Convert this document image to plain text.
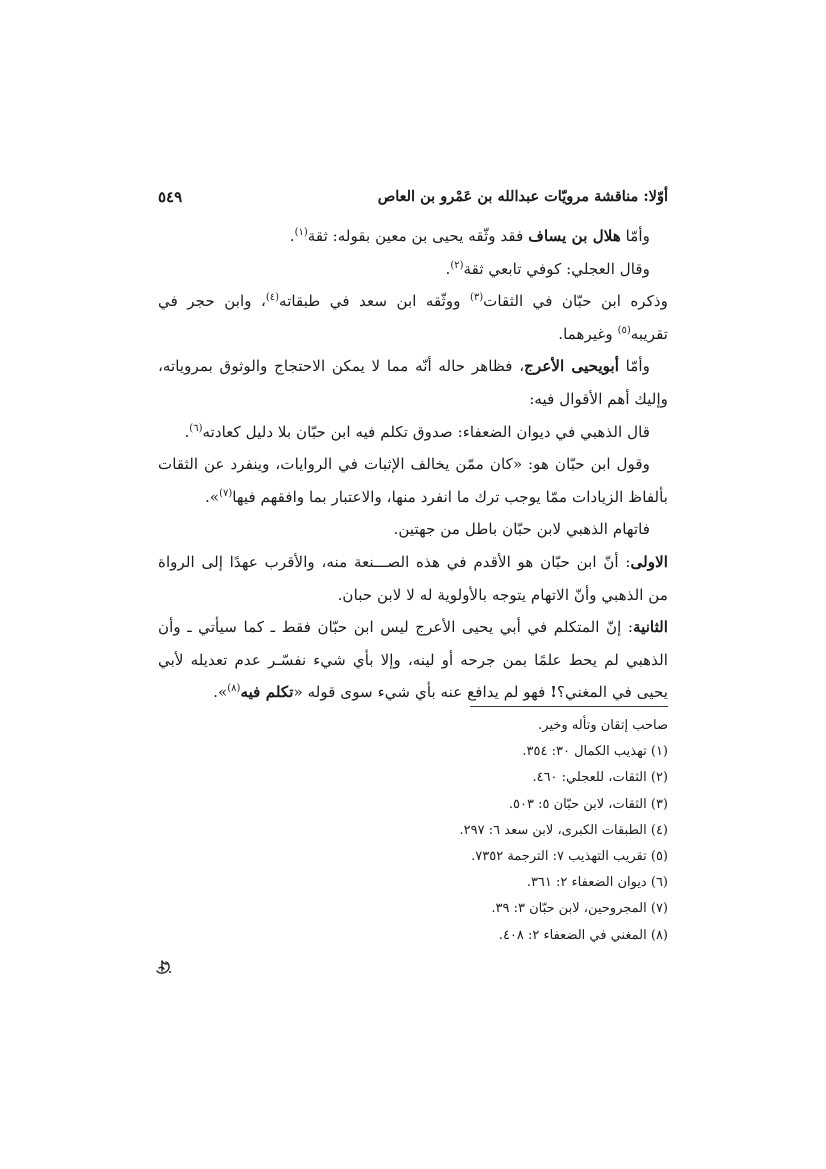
أوّلا: مناقشة مرويّات عبدالله بن عَمْرو بن العاص
٥٤٩

وأمّا هلال بن يساف فقد وثّقه يحيى بن معين بقوله: ثقة$^{(١)}$.

وقال العجلي: كوفي تابعي ثقة$^{(٢)}$.

وذكره ابن حبّان في الثقات$^{(٣)}$ ووثّقه ابن سعد في طبقاته$^{(٤)}$، وابن حجر في تقريبه$^{(٥)}$ وغيرهما.

وأمّا أبويحيى الأعرج، فظاهر حاله أنّه مما لا يمكن الاحتجاج والوثوق بمروياته، وإليك أهم الأقوال فيه:

قال الذهبي في ديوان الضعفاء: صدوق تكلم فيه ابن حبّان بلا دليل كعادته$^{(٦)}$.

وقول ابن حبّان هو: «كان ممّن يخالف الإثبات في الروايات، وينفرد عن الثقات بألفاظ الزيادات ممّا يوجب ترك ما انفرد منها، والاعتبار بما وافقهم فيها$^{(٧)}$».

فاتهام الذهبي لابن حبّان باطل من جهتين.

الاولى: أنّ ابن حبّان هو الأقدم في هذه الصـــنعة منه، والأقرب عهدًا إلى الرواة من الذهبي وأنّ الاتهام يتوجه بالأولوية له لا لابن حبان.

الثانية: إنّ المتكلم في أبي يحيى الأعرج ليس ابن حبّان فقط ـ كما سيأتي ـ وأن الذهبي لم يحط علمًا بمن جرحه أو لينه، وإلا بأي شيء نفسّـر عدم تعديله لأبي يحيى في المغني؟! فهو لم يدافع عنه بأي شيء سوى قوله «تكلم فيه$^{(٨)}$».

صاحب إتقان وتأله وخير.
(١) تهذيب الكمال ٣٠: ٣٥٤.
(٢) الثقات، للعجلي: ٤٦٠.
(٣) الثقات، لابن حبّان ٥: ٥٠٣.
(٤) الطبقات الكبرى، لابن سعد ٦: ٢٩٧.
(٥) تقريب التهذيب ٧: الترجمة ٧٣٥٢.
(٦) ديوان الضعفاء ٢: ٣٦١.
(٧) المجروحين، لابن حبّان ٣: ٣٩.
(٨) المغني في الضعفاء ٢: ٤٠٨.
